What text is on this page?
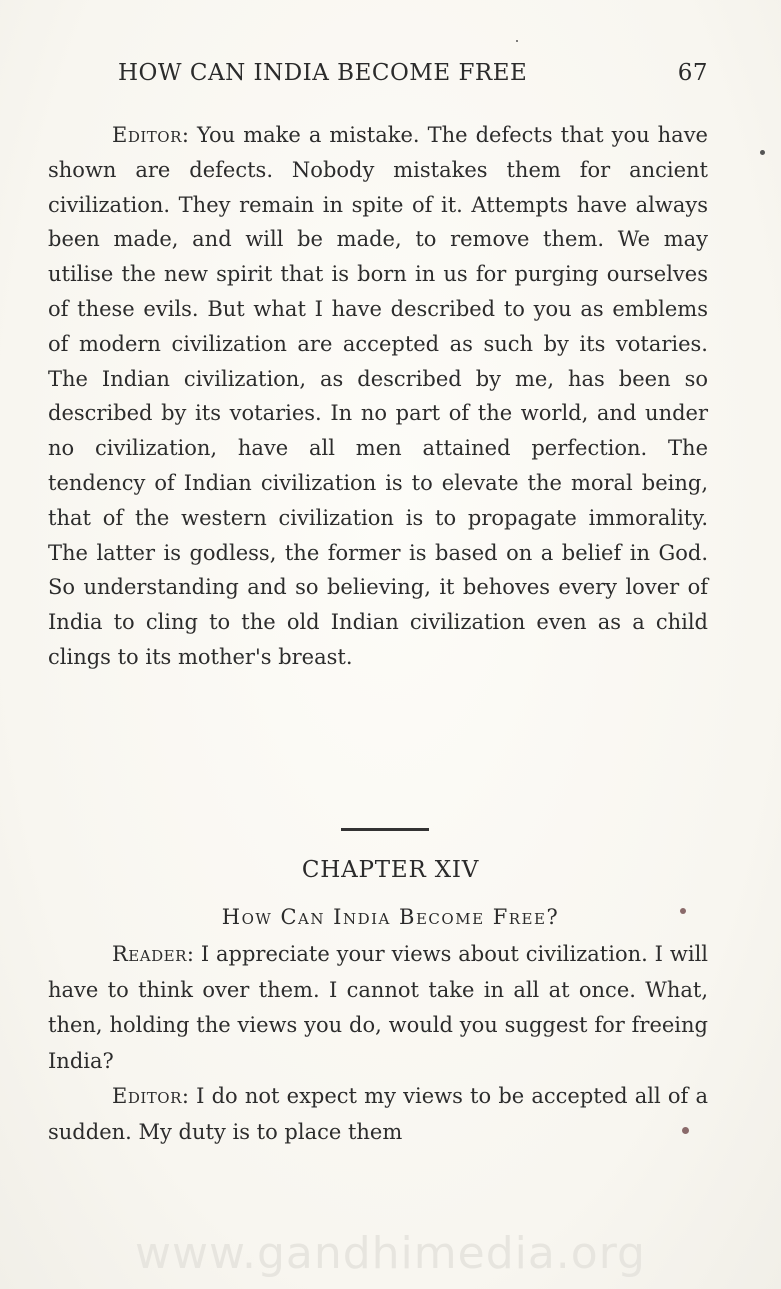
HOW CAN INDIA BECOME FREE	67

Editor: You make a mistake. The defects that you have shown are defects. Nobody mistakes them for ancient civilization. They remain in spite of it. Attempts have always been made, and will be made, to remove them. We may utilise the new spirit that is born in us for purging ourselves of these evils. But what I have described to you as emblems of modern civilization are accepted as such by its votaries. The Indian civilization, as described by me, has been so described by its votaries. In no part of the world, and under no civilization, have all men attained perfection. The tendency of Indian civilization is to elevate the moral being, that of the western civilization is to propagate immorality. The latter is godless, the former is based on a belief in God. So understanding and so believing, it behoves every lover of India to cling to the old Indian civilization even as a child clings to its mother's breast.

CHAPTER XIV
How Can India Become Free?

Reader: I appreciate your views about civilization. I will have to think over them. I cannot take in all at once. What, then, holding the views you do, would you suggest for freeing India?

Editor: I do not expect my views to be accepted all of a sudden. My duty is to place them

www.gandhimedia.org
